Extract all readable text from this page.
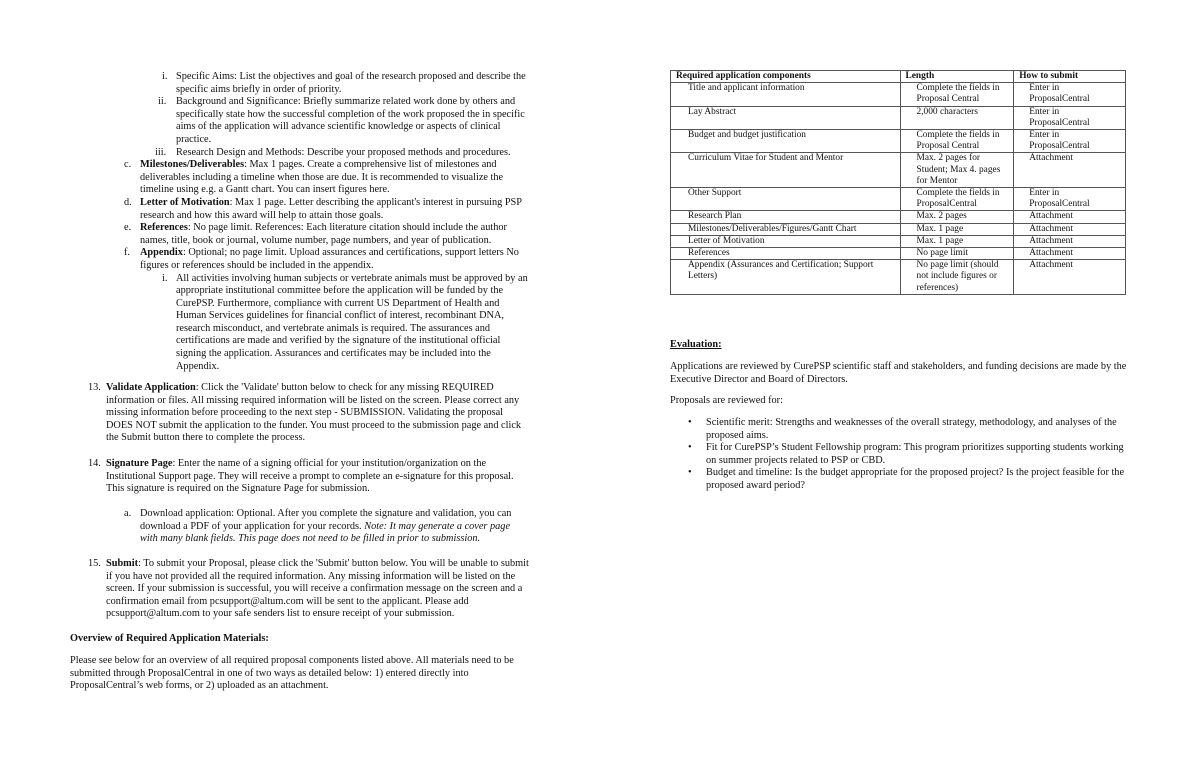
i. Specific Aims: List the objectives and goal of the research proposed and describe the specific aims briefly in order of priority.
ii. Background and Significance: Briefly summarize related work done by others and specifically state how the successful completion of the work proposed the in specific aims of the application will advance scientific knowledge or aspects of clinical practice.
iii. Research Design and Methods: Describe your proposed methods and procedures.
c. Milestones/Deliverables: Max 1 pages. Create a comprehensive list of milestones and deliverables including a timeline when those are due. It is recommended to visualize the timeline using e.g. a Gantt chart. You can insert figures here.
d. Letter of Motivation: Max 1 page. Letter describing the applicant's interest in pursuing PSP research and how this award will help to attain those goals.
e. References: No page limit. References: Each literature citation should include the author names, title, book or journal, volume number, page numbers, and year of publication.
f. Appendix: Optional; no page limit. Upload assurances and certifications, support letters No figures or references should be included in the appendix.
i. All activities involving human subjects or vertebrate animals must be approved by an appropriate institutional committee before the application will be funded by the CurePSP. Furthermore, compliance with current US Department of Health and Human Services guidelines for financial conflict of interest, recombinant DNA, research misconduct, and vertebrate animals is required. The assurances and certifications are made and verified by the signature of the institutional official signing the application. Assurances and certificates may be included into the Appendix.
13. Validate Application: Click the 'Validate' button below to check for any missing REQUIRED information or files. All missing required information will be listed on the screen. Please correct any missing information before proceeding to the next step - SUBMISSION. Validating the proposal DOES NOT submit the application to the funder. You must proceed to the submission page and click the Submit button there to complete the process.
14. Signature Page: Enter the name of a signing official for your institution/organization on the Institutional Support page. They will receive a prompt to complete an e-signature for this proposal. This signature is required on the Signature Page for submission.
a. Download application: Optional. After you complete the signature and validation, you can download a PDF of your application for your records. Note: It may generate a cover page with many blank fields. This page does not need to be filled in prior to submission.
15. Submit: To submit your Proposal, please click the 'Submit' button below. You will be unable to submit if you have not provided all the required information. Any missing information will be listed on the screen. If your submission is successful, you will receive a confirmation message on the screen and a confirmation email from pcsupport@altum.com will be sent to the applicant. Please add pcsupport@altum.com to your safe senders list to ensure receipt of your submission.
Overview of Required Application Materials:
Please see below for an overview of all required proposal components listed above. All materials need to be submitted through ProposalCentral in one of two ways as detailed below: 1) entered directly into ProposalCentral’s web forms, or 2) uploaded as an attachment.
Required application components	Length	How to submit
Title and applicant information	Complete the fields in Proposal Central	Enter in ProposalCentral
Lay Abstract	2,000 characters	Enter in ProposalCentral
Budget and budget justification	Complete the fields in Proposal Central	Enter in ProposalCentral
Curriculum Vitae for Student and Mentor	Max. 2 pages for Student; Max 4. pages for Mentor	Attachment
Other Support	Complete the fields in ProposalCentral	Enter in ProposalCentral
Research Plan	Max. 2 pages	Attachment
Milestones/Deliverables/Figures/Gantt Chart	Max. 1 page	Attachment
Letter of Motivation	Max. 1 page	Attachment
References	No page limit	Attachment
Appendix (Assurances and Certification; Support Letters)	No page limit (should not include figures or references)	Attachment
Evaluation:
Applications are reviewed by CurePSP scientific staff and stakeholders, and funding decisions are made by the Executive Director and Board of Directors.
Proposals are reviewed for:
• Scientific merit: Strengths and weaknesses of the overall strategy, methodology, and analyses of the proposed aims.
• Fit for CurePSP’s Student Fellowship program: This program prioritizes supporting students working on summer projects related to PSP or CBD.
• Budget and timeline: Is the budget appropriate for the proposed project? Is the project feasible for the proposed award period?
